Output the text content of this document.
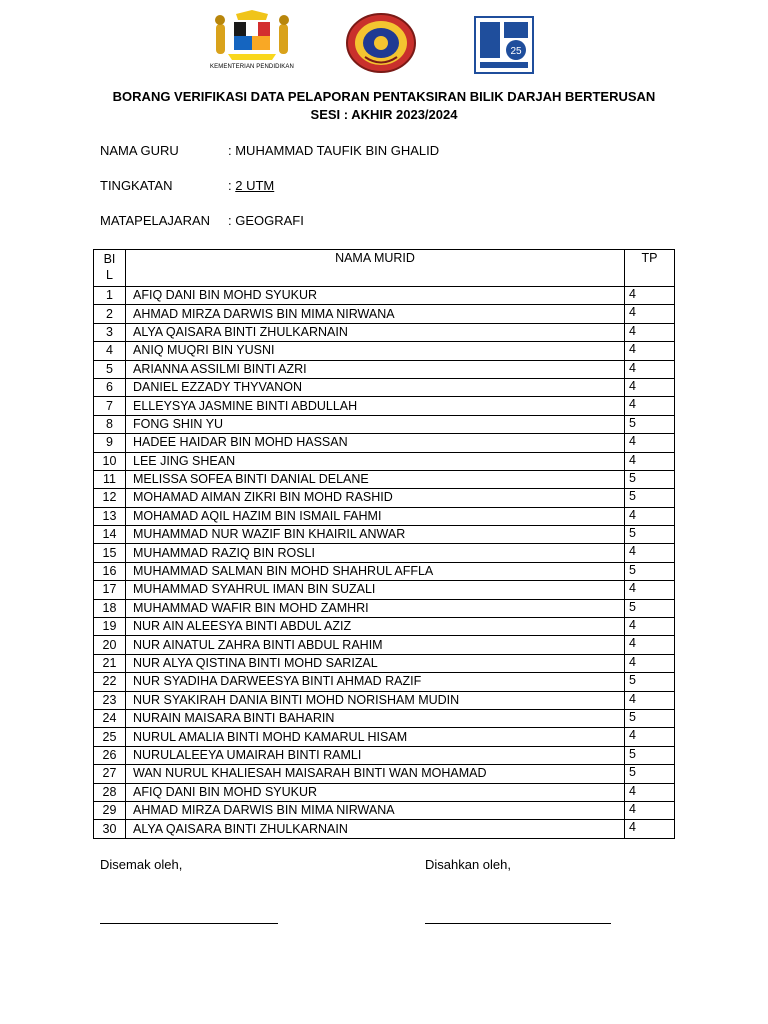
KEMENTERIAN PENDIDIKAN
25
BORANG VERIFIKASI DATA PELAPORAN PENTAKSIRAN BILIK DARJAH BERTERUSAN
SESI : AKHIR 2023/2024
NAMA GURU	: MUHAMMAD TAUFIK BIN GHALID
TINGKATAN	: 2 UTM
MATAPELAJARAN : GEOGRAFI
BI
L	NAMA MURID	TP
1	AFIQ DANI BIN MOHD SYUKUR	4
2	AHMAD MIRZA DARWIS BIN MIMA NIRWANA	4
3	ALYA QAISARA BINTI ZHULKARNAIN	4
4	ANIQ MUQRI BIN YUSNI	4
5	ARIANNA ASSILMI BINTI AZRI	4
6	DANIEL EZZADY THYVANON	4
7	ELLEYSYA JASMINE BINTI ABDULLAH	4
8	FONG SHIN YU	5
9	HADEE HAIDAR BIN MOHD HASSAN	4
10	LEE JING SHEAN	4
11	MELISSA SOFEA BINTI DANIAL DELANE	5
12	MOHAMAD AIMAN ZIKRI BIN MOHD RASHID	5
13	MOHAMAD AQIL HAZIM BIN ISMAIL FAHMI	4
14	MUHAMMAD NUR WAZIF BIN KHAIRIL ANWAR	5
15	MUHAMMAD RAZIQ BIN ROSLI	4
16	MUHAMMAD SALMAN BIN MOHD SHAHRUL AFFLA	5
17	MUHAMMAD SYAHRUL IMAN BIN SUZALI	4
18	MUHAMMAD WAFIR BIN MOHD ZAMHRI	5
19	NUR AIN ALEESYA BINTI ABDUL AZIZ	4
20	NUR AINATUL ZAHRA BINTI ABDUL RAHIM	4
21	NUR ALYA QISTINA BINTI MOHD SARIZAL	4
22	NUR SYADIHA DARWEESYA BINTI AHMAD RAZIF	5
23	NUR SYAKIRAH DANIA BINTI MOHD NORISHAM MUDIN	4
24	NURAIN MAISARA BINTI BAHARIN	5
25	NURUL AMALIA BINTI MOHD KAMARUL HISAM	4
26	NURULALEEYA UMAIRAH BINTI RAMLI	5
27	WAN NURUL KHALIESAH MAISARAH BINTI WAN MOHAMAD	5
28	AFIQ DANI BIN MOHD SYUKUR	4
29	AHMAD MIRZA DARWIS BIN MIMA NIRWANA	4
30	ALYA QAISARA BINTI ZHULKARNAIN	4
Disemak oleh,	Disahkan oleh,
